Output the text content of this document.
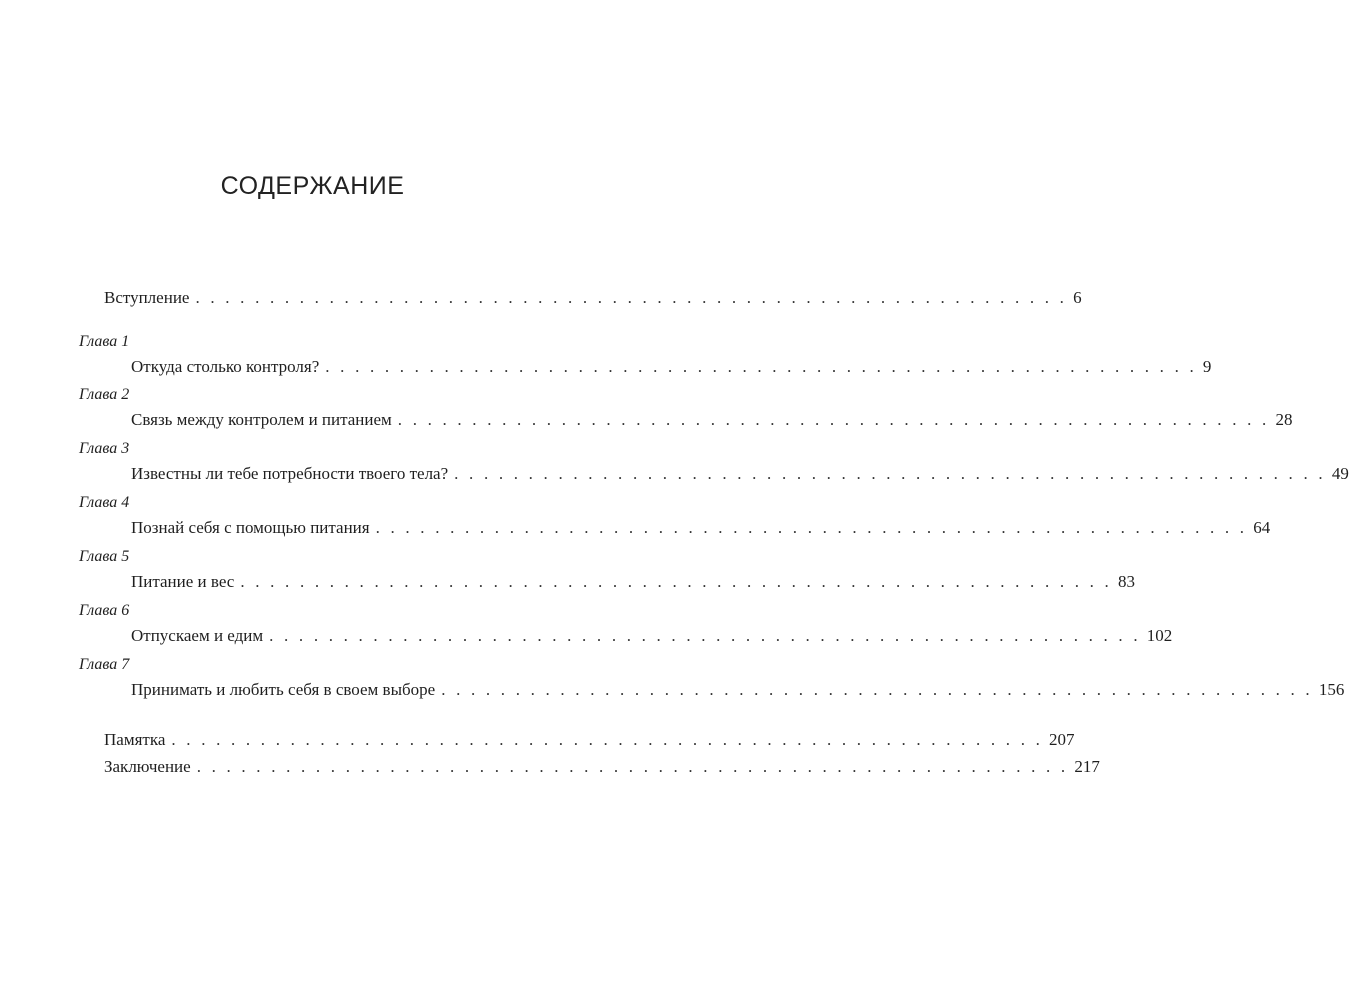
СОДЕРЖАНИЕ
Вступление . . . . . . . . . . . . . . . . . . . . . . . . . . . . . . . . . . . . . . . . . . . . . . . . . . . . . . . . . . . 6
Глава 1
Откуда столько контроля? . . . . . . . . . . . . . . . . . . . . . . . . . . . . . . . . . . . . . . . . . . . . . . . . . . . . . . . . . . . 9
Глава 2
Связь между контролем и питанием . . . . . . . . . . . . . . . . . . . . . . . . . . . . . . . . . . . . . . . . . . . . . . . . . . . . . . . . . . . 28
Глава 3
Известны ли тебе потребности твоего тела? . . . . . . . . . . . . . . . . . . . . . . . . . . . . . . . . . . . . . . . . . . . . . . . . . . . . . . . . . . . 49
Глава 4
Познай себя с помощью питания . . . . . . . . . . . . . . . . . . . . . . . . . . . . . . . . . . . . . . . . . . . . . . . . . . . . . . . . . . . 64
Глава 5
Питание и вес . . . . . . . . . . . . . . . . . . . . . . . . . . . . . . . . . . . . . . . . . . . . . . . . . . . . . . . . . . . 83
Глава 6
Отпускаем и едим . . . . . . . . . . . . . . . . . . . . . . . . . . . . . . . . . . . . . . . . . . . . . . . . . . . . . . . . . . . 102
Глава 7
Принимать и любить себя в своем выборе . . . . . . . . . . . . . . . . . . . . . . . . . . . . . . . . . . . . . . . . . . . . . . . . . . . . . . . . . . . 156
Памятка . . . . . . . . . . . . . . . . . . . . . . . . . . . . . . . . . . . . . . . . . . . . . . . . . . . . . . . . . . . 207
Заключение . . . . . . . . . . . . . . . . . . . . . . . . . . . . . . . . . . . . . . . . . . . . . . . . . . . . . . . . . . . 217
